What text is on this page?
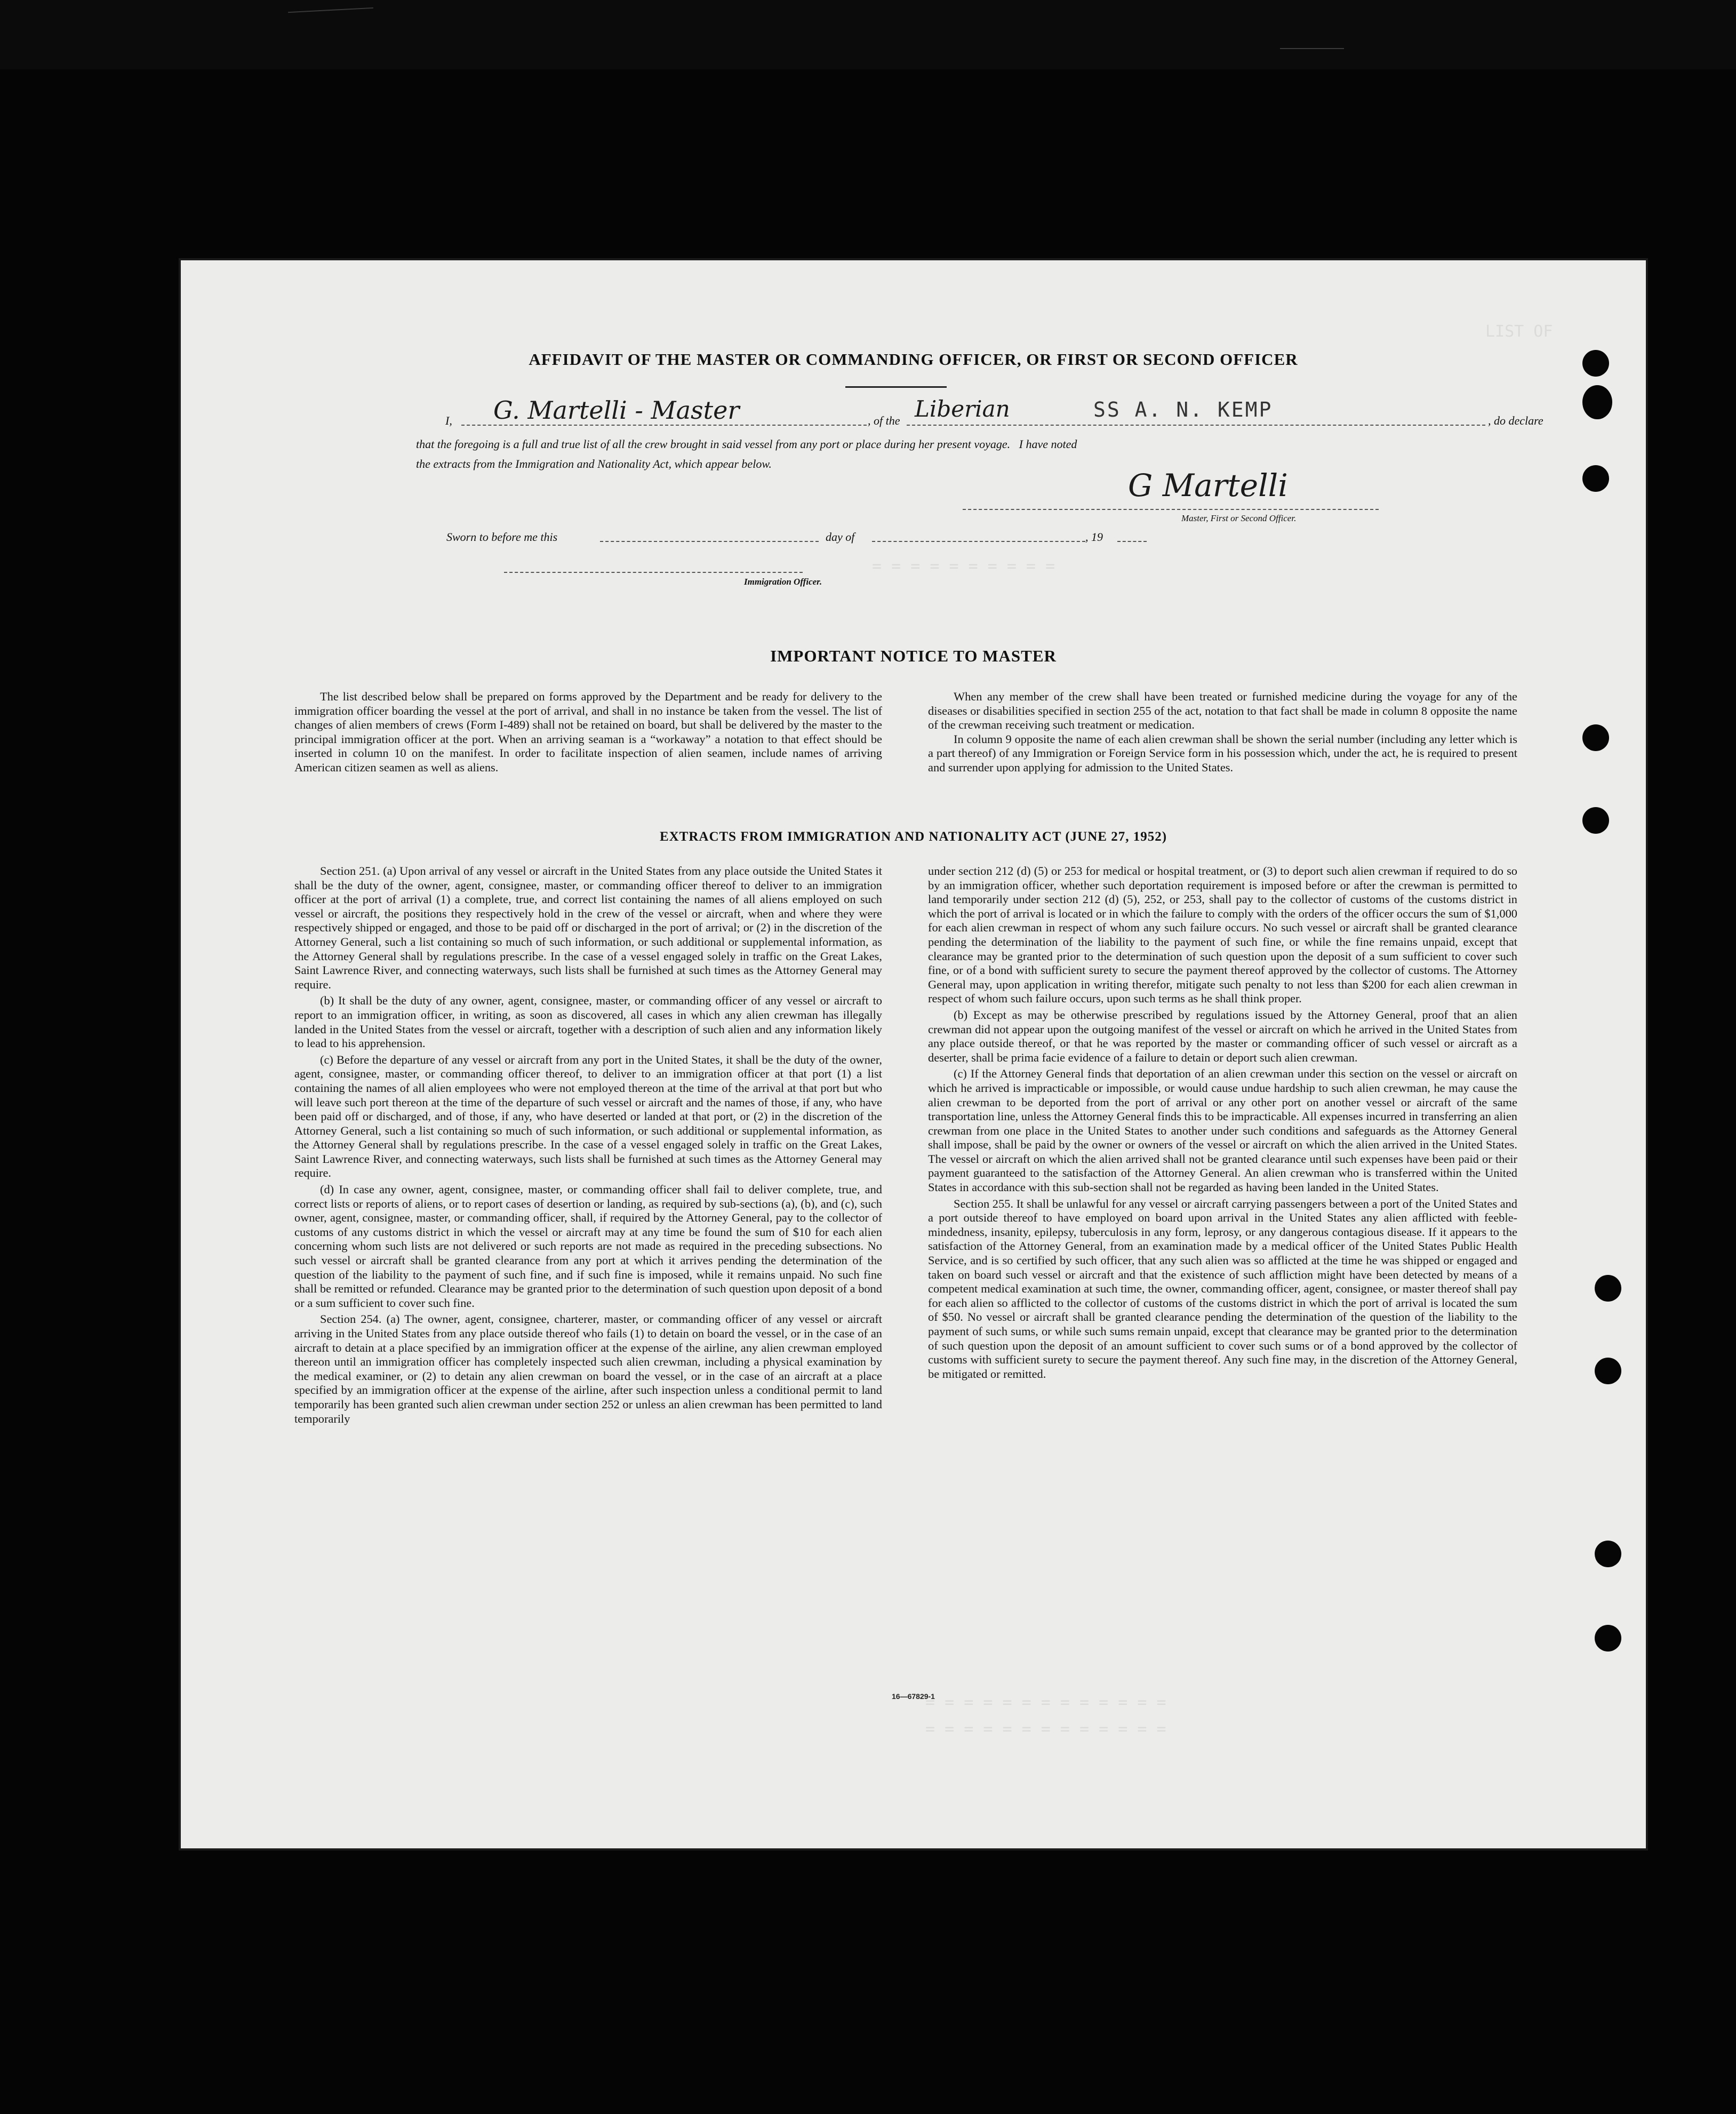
LIST OF
= = = = = = = = = =
= = = = = = = = = = = = =
= = = = = = = = = = = = =
AFFIDAVIT OF THE MASTER OR COMMANDING OFFICER, OR FIRST OR SECOND OFFICER
I, G. Martelli - Master	, of the Liberian	SS A. N. KEMP	, do declare
that the foregoing is a full and true list of all the crew brought in said vessel from any port or place during her present voyage.   I have noted
the extracts from the Immigration and Nationality Act, which appear below.
G Martelli
Master, First or Second Officer.
Sworn to before me this	day of	, 19
Immigration Officer.
IMPORTANT NOTICE TO MASTER

The list described below shall be prepared on forms approved by the Department and be ready for delivery to the immigration officer boarding the vessel at the port of arrival, and shall in no instance be taken from the vessel. The list of changes of alien members of crews (Form I-489) shall not be retained on board, but shall be delivered by the master to the principal immigration officer at the port. When an arriving seaman is a “workaway” a notation to that effect should be inserted in column 10 on the manifest. In order to facilitate inspection of alien seamen, include names of arriving American citizen seamen as well as aliens.

When any member of the crew shall have been treated or furnished medicine during the voyage for any of the diseases or disabilities specified in section 255 of the act, notation to that fact shall be made in column 8 opposite the name of the crewman receiving such treatment or medication.

In column 9 opposite the name of each alien crewman shall be shown the serial number (including any letter which is a part thereof) of any Immigration or Foreign Service form in his possession which, under the act, he is required to present and surrender upon applying for admission to the United States.

EXTRACTS FROM IMMIGRATION AND NATIONALITY ACT (JUNE 27, 1952)

Section 251. (a) Upon arrival of any vessel or aircraft in the United States from any place outside the United States it shall be the duty of the owner, agent, consignee, master, or commanding officer thereof to deliver to an immigration officer at the port of arrival (1) a complete, true, and correct list containing the names of all aliens employed on such vessel or aircraft, the positions they respectively hold in the crew of the vessel or aircraft, when and where they were respectively shipped or engaged, and those to be paid off or discharged in the port of arrival; or (2) in the discretion of the Attorney General, such a list containing so much of such information, or such additional or supplemental information, as the Attorney General shall by regulations prescribe. In the case of a vessel engaged solely in traffic on the Great Lakes, Saint Lawrence River, and connecting waterways, such lists shall be furnished at such times as the Attorney General may require.

(b) It shall be the duty of any owner, agent, consignee, master, or commanding officer of any vessel or aircraft to report to an immigration officer, in writing, as soon as discovered, all cases in which any alien crewman has illegally landed in the United States from the vessel or aircraft, together with a description of such alien and any information likely to lead to his apprehension.

(c) Before the departure of any vessel or aircraft from any port in the United States, it shall be the duty of the owner, agent, consignee, master, or commanding officer thereof, to deliver to an immigration officer at that port (1) a list containing the names of all alien employees who were not employed thereon at the time of the arrival at that port but who will leave such port thereon at the time of the departure of such vessel or aircraft and the names of those, if any, who have been paid off or discharged, and of those, if any, who have deserted or landed at that port, or (2) in the discretion of the Attorney General, such a list containing so much of such information, or such additional or supplemental information, as the Attorney General shall by regulations prescribe. In the case of a vessel engaged solely in traffic on the Great Lakes, Saint Lawrence River, and connecting waterways, such lists shall be furnished at such times as the Attorney General may require.

(d) In case any owner, agent, consignee, master, or commanding officer shall fail to deliver complete, true, and correct lists or reports of aliens, or to report cases of desertion or landing, as required by sub-sections (a), (b), and (c), such owner, agent, consignee, master, or commanding officer, shall, if required by the Attorney General, pay to the collector of customs of any customs district in which the vessel or aircraft may at any time be found the sum of $10 for each alien concerning whom such lists are not delivered or such reports are not made as required in the preceding subsections. No such vessel or aircraft shall be granted clearance from any port at which it arrives pending the determination of the question of the liability to the payment of such fine, and if such fine is imposed, while it remains unpaid. No such fine shall be remitted or refunded. Clearance may be granted prior to the determination of such question upon deposit of a bond or a sum sufficient to cover such fine.

Section 254. (a) The owner, agent, consignee, charterer, master, or commanding officer of any vessel or aircraft arriving in the United States from any place outside thereof who fails (1) to detain on board the vessel, or in the case of an aircraft to detain at a place specified by an immigration officer at the expense of the airline, any alien crewman employed thereon until an immigration officer has completely inspected such alien crewman, including a physical examination by the medical examiner, or (2) to detain any alien crewman on board the vessel, or in the case of an aircraft at a place specified by an immigration officer at the expense of the airline, after such inspection unless a conditional permit to land temporarily has been granted such alien crewman under section 252 or unless an alien crewman has been permitted to land temporarily

under section 212 (d) (5) or 253 for medical or hospital treatment, or (3) to deport such alien crewman if required to do so by an immigration officer, whether such deportation requirement is imposed before or after the crewman is permitted to land temporarily under section 212 (d) (5), 252, or 253, shall pay to the collector of customs of the customs district in which the port of arrival is located or in which the failure to comply with the orders of the officer occurs the sum of $1,000 for each alien crewman in respect of whom any such failure occurs. No such vessel or aircraft shall be granted clearance pending the determination of the liability to the payment of such fine, or while the fine remains unpaid, except that clearance may be granted prior to the determination of such question upon the deposit of a sum sufficient to cover such fine, or of a bond with sufficient surety to secure the payment thereof approved by the collector of customs. The Attorney General may, upon application in writing therefor, mitigate such penalty to not less than $200 for each alien crewman in respect of whom such failure occurs, upon such terms as he shall think proper.

(b) Except as may be otherwise prescribed by regulations issued by the Attorney General, proof that an alien crewman did not appear upon the outgoing manifest of the vessel or aircraft on which he arrived in the United States from any place outside thereof, or that he was reported by the master or commanding officer of such vessel or aircraft as a deserter, shall be prima facie evidence of a failure to detain or deport such alien crewman.

(c) If the Attorney General finds that deportation of an alien crewman under this section on the vessel or aircraft on which he arrived is impracticable or impossible, or would cause undue hardship to such alien crewman, he may cause the alien crewman to be deported from the port of arrival or any other port on another vessel or aircraft of the same transportation line, unless the Attorney General finds this to be impracticable. All expenses incurred in transferring an alien crewman from one place in the United States to another under such conditions and safeguards as the Attorney General shall impose, shall be paid by the owner or owners of the vessel or aircraft on which the alien arrived in the United States. The vessel or aircraft on which the alien arrived shall not be granted clearance until such expenses have been paid or their payment guaranteed to the satisfaction of the Attorney General. An alien crewman who is transferred within the United States in accordance with this sub-section shall not be regarded as having been landed in the United States.

Section 255. It shall be unlawful for any vessel or aircraft carrying passengers between a port of the United States and a port outside thereof to have employed on board upon arrival in the United States any alien afflicted with feeble-mindedness, insanity, epilepsy, tuberculosis in any form, leprosy, or any dangerous contagious disease. If it appears to the satisfaction of the Attorney General, from an examination made by a medical officer of the United States Public Health Service, and is so certified by such officer, that any such alien was so afflicted at the time he was shipped or engaged and taken on board such vessel or aircraft and that the existence of such affliction might have been detected by means of a competent medical examination at such time, the owner, commanding officer, agent, consignee, or master thereof shall pay for each alien so afflicted to the collector of customs of the customs district in which the port of arrival is located the sum of $50. No vessel or aircraft shall be granted clearance pending the determination of the question of the liability to the payment of such sums, or while such sums remain unpaid, except that clearance may be granted prior to the determination of such question upon the deposit of an amount sufficient to cover such sums or of a bond approved by the collector of customs with sufficient surety to secure the payment thereof. Any such fine may, in the discretion of the Attorney General, be mitigated or remitted.

16—67829-1
